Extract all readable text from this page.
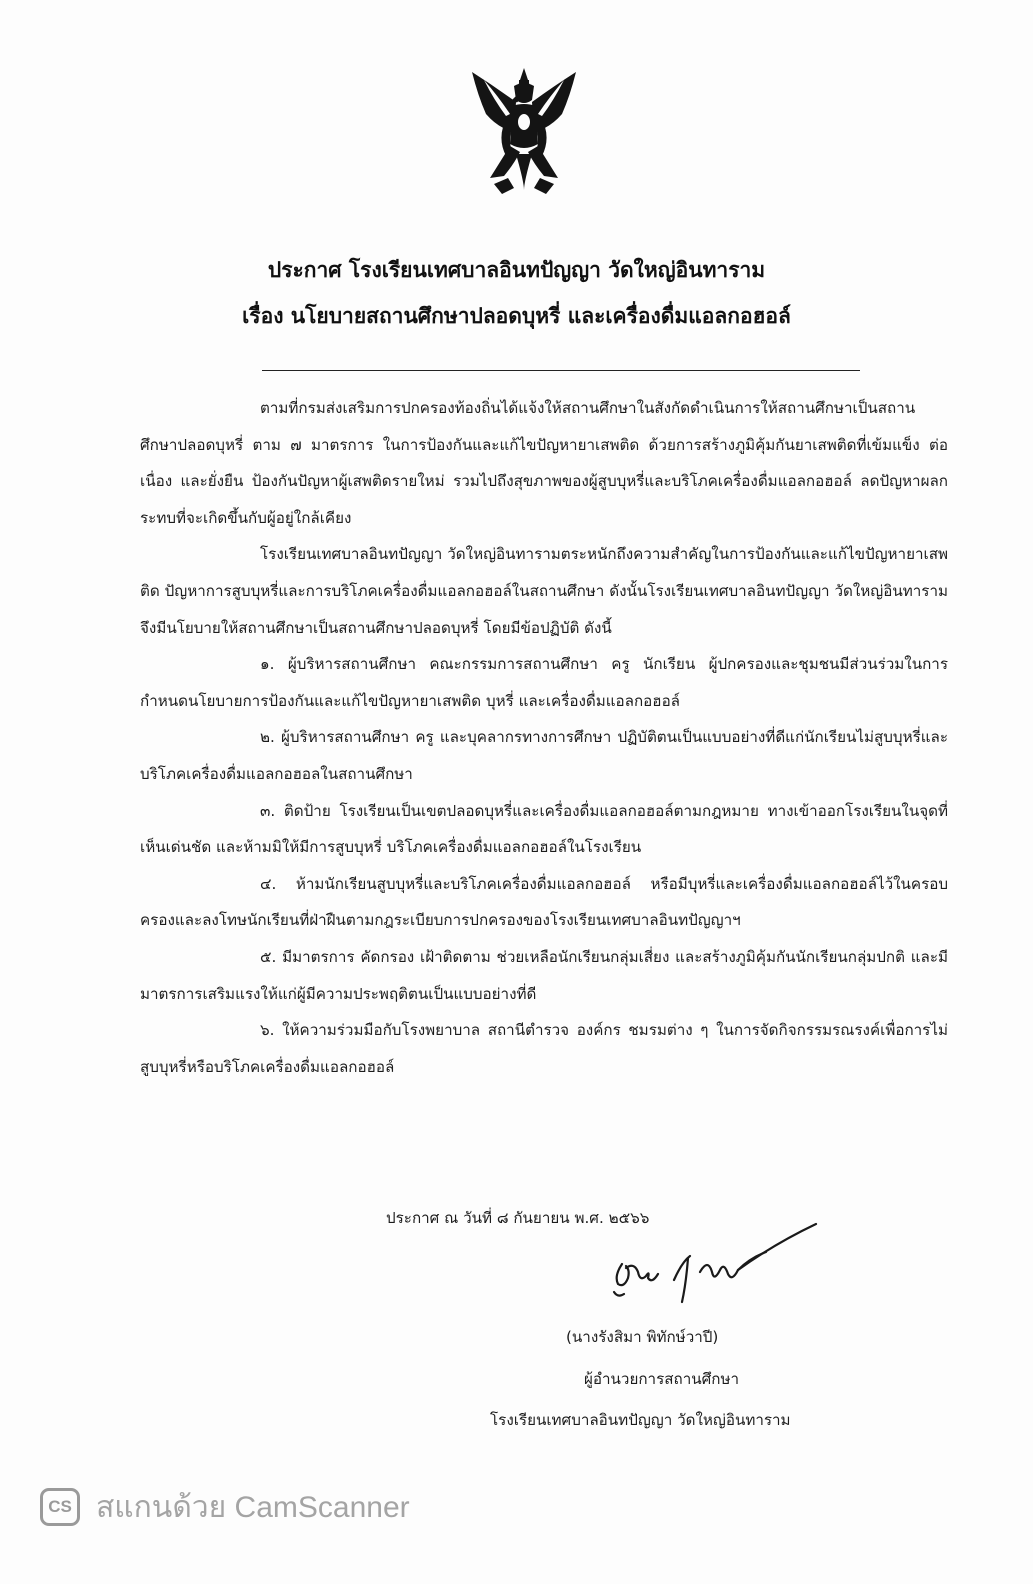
ประกาศ โรงเรียนเทศบาลอินทปัญญา วัดใหญ่อินทาราม
เรื่อง นโยบายสถานศึกษาปลอดบุหรี่ และเครื่องดื่มแอลกอฮอล์

ตามที่กรมส่งเสริมการปกครองท้องถิ่นได้แจ้งให้สถานศึกษาในสังกัดดำเนินการให้สถานศึกษาเป็นสถานศึกษาปลอดบุหรี่ ตาม ๗ มาตรการ ในการป้องกันและแก้ไขปัญหายาเสพติด ด้วยการสร้างภูมิคุ้มกันยาเสพติดที่เข้มแข็ง ต่อเนื่อง และยั่งยืน ป้องกันปัญหาผู้เสพติดรายใหม่ รวมไปถึงสุขภาพของผู้สูบบุหรี่และบริโภคเครื่องดื่มแอลกอฮอล์ ลดปัญหาผลกระทบที่จะเกิดขึ้นกับผู้อยู่ใกล้เคียง

โรงเรียนเทศบาลอินทปัญญา วัดใหญ่อินทารามตระหนักถึงความสำคัญในการป้องกันและแก้ไขปัญหายาเสพติด ปัญหาการสูบบุหรี่และการบริโภคเครื่องดื่มแอลกอฮอล์ในสถานศึกษา ดังนั้นโรงเรียนเทศบาลอินทปัญญา วัดใหญ่อินทารามจึงมีนโยบายให้สถานศึกษาเป็นสถานศึกษาปลอดบุหรี่ โดยมีข้อปฏิบัติ ดังนี้

๑. ผู้บริหารสถานศึกษา คณะกรรมการสถานศึกษา ครู นักเรียน ผู้ปกครองและชุมชนมีส่วนร่วมในการกำหนดนโยบายการป้องกันและแก้ไขปัญหายาเสพติด บุหรี่ และเครื่องดื่มแอลกอฮอล์

๒. ผู้บริหารสถานศึกษา ครู และบุคลากรทางการศึกษา ปฏิบัติตนเป็นแบบอย่างที่ดีแก่นักเรียนไม่สูบบุหรี่และบริโภคเครื่องดื่มแอลกอฮอลในสถานศึกษา

๓. ติดป้าย โรงเรียนเป็นเขตปลอดบุหรี่และเครื่องดื่มแอลกอฮอล์ตามกฎหมาย ทางเข้าออกโรงเรียนในจุดที่เห็นเด่นชัด และห้ามมิให้มีการสูบบุหรี่ บริโภคเครื่องดื่มแอลกอฮอล์ในโรงเรียน

๔. ห้ามนักเรียนสูบบุหรี่และบริโภคเครื่องดื่มแอลกอฮอล์ หรือมีบุหรี่และเครื่องดื่มแอลกอฮอล์ไว้ในครอบครองและลงโทษนักเรียนที่ฝ่าฝืนตามกฎระเบียบการปกครองของโรงเรียนเทศบาลอินทปัญญาฯ

๕. มีมาตรการ คัดกรอง เฝ้าติดตาม ช่วยเหลือนักเรียนกลุ่มเสี่ยง และสร้างภูมิคุ้มกันนักเรียนกลุ่มปกติ และมีมาตรการเสริมแรงให้แก่ผู้มีความประพฤติตนเป็นแบบอย่างที่ดี

๖. ให้ความร่วมมือกับโรงพยาบาล สถานีตำรวจ องค์กร ชมรมต่าง ๆ ในการจัดกิจกรรมรณรงค์เพื่อการไม่สูบบุหรี่หรือบริโภคเครื่องดื่มแอลกอฮอล์

ประกาศ ณ วันที่ ๘ กันยายน พ.ศ. ๒๕๖๖
(นางรังสิมา พิทักษ์วาปี)
ผู้อำนวยการสถานศึกษา
โรงเรียนเทศบาลอินทปัญญา วัดใหญ่อินทาราม
CS สแกนด้วย CamScanner
